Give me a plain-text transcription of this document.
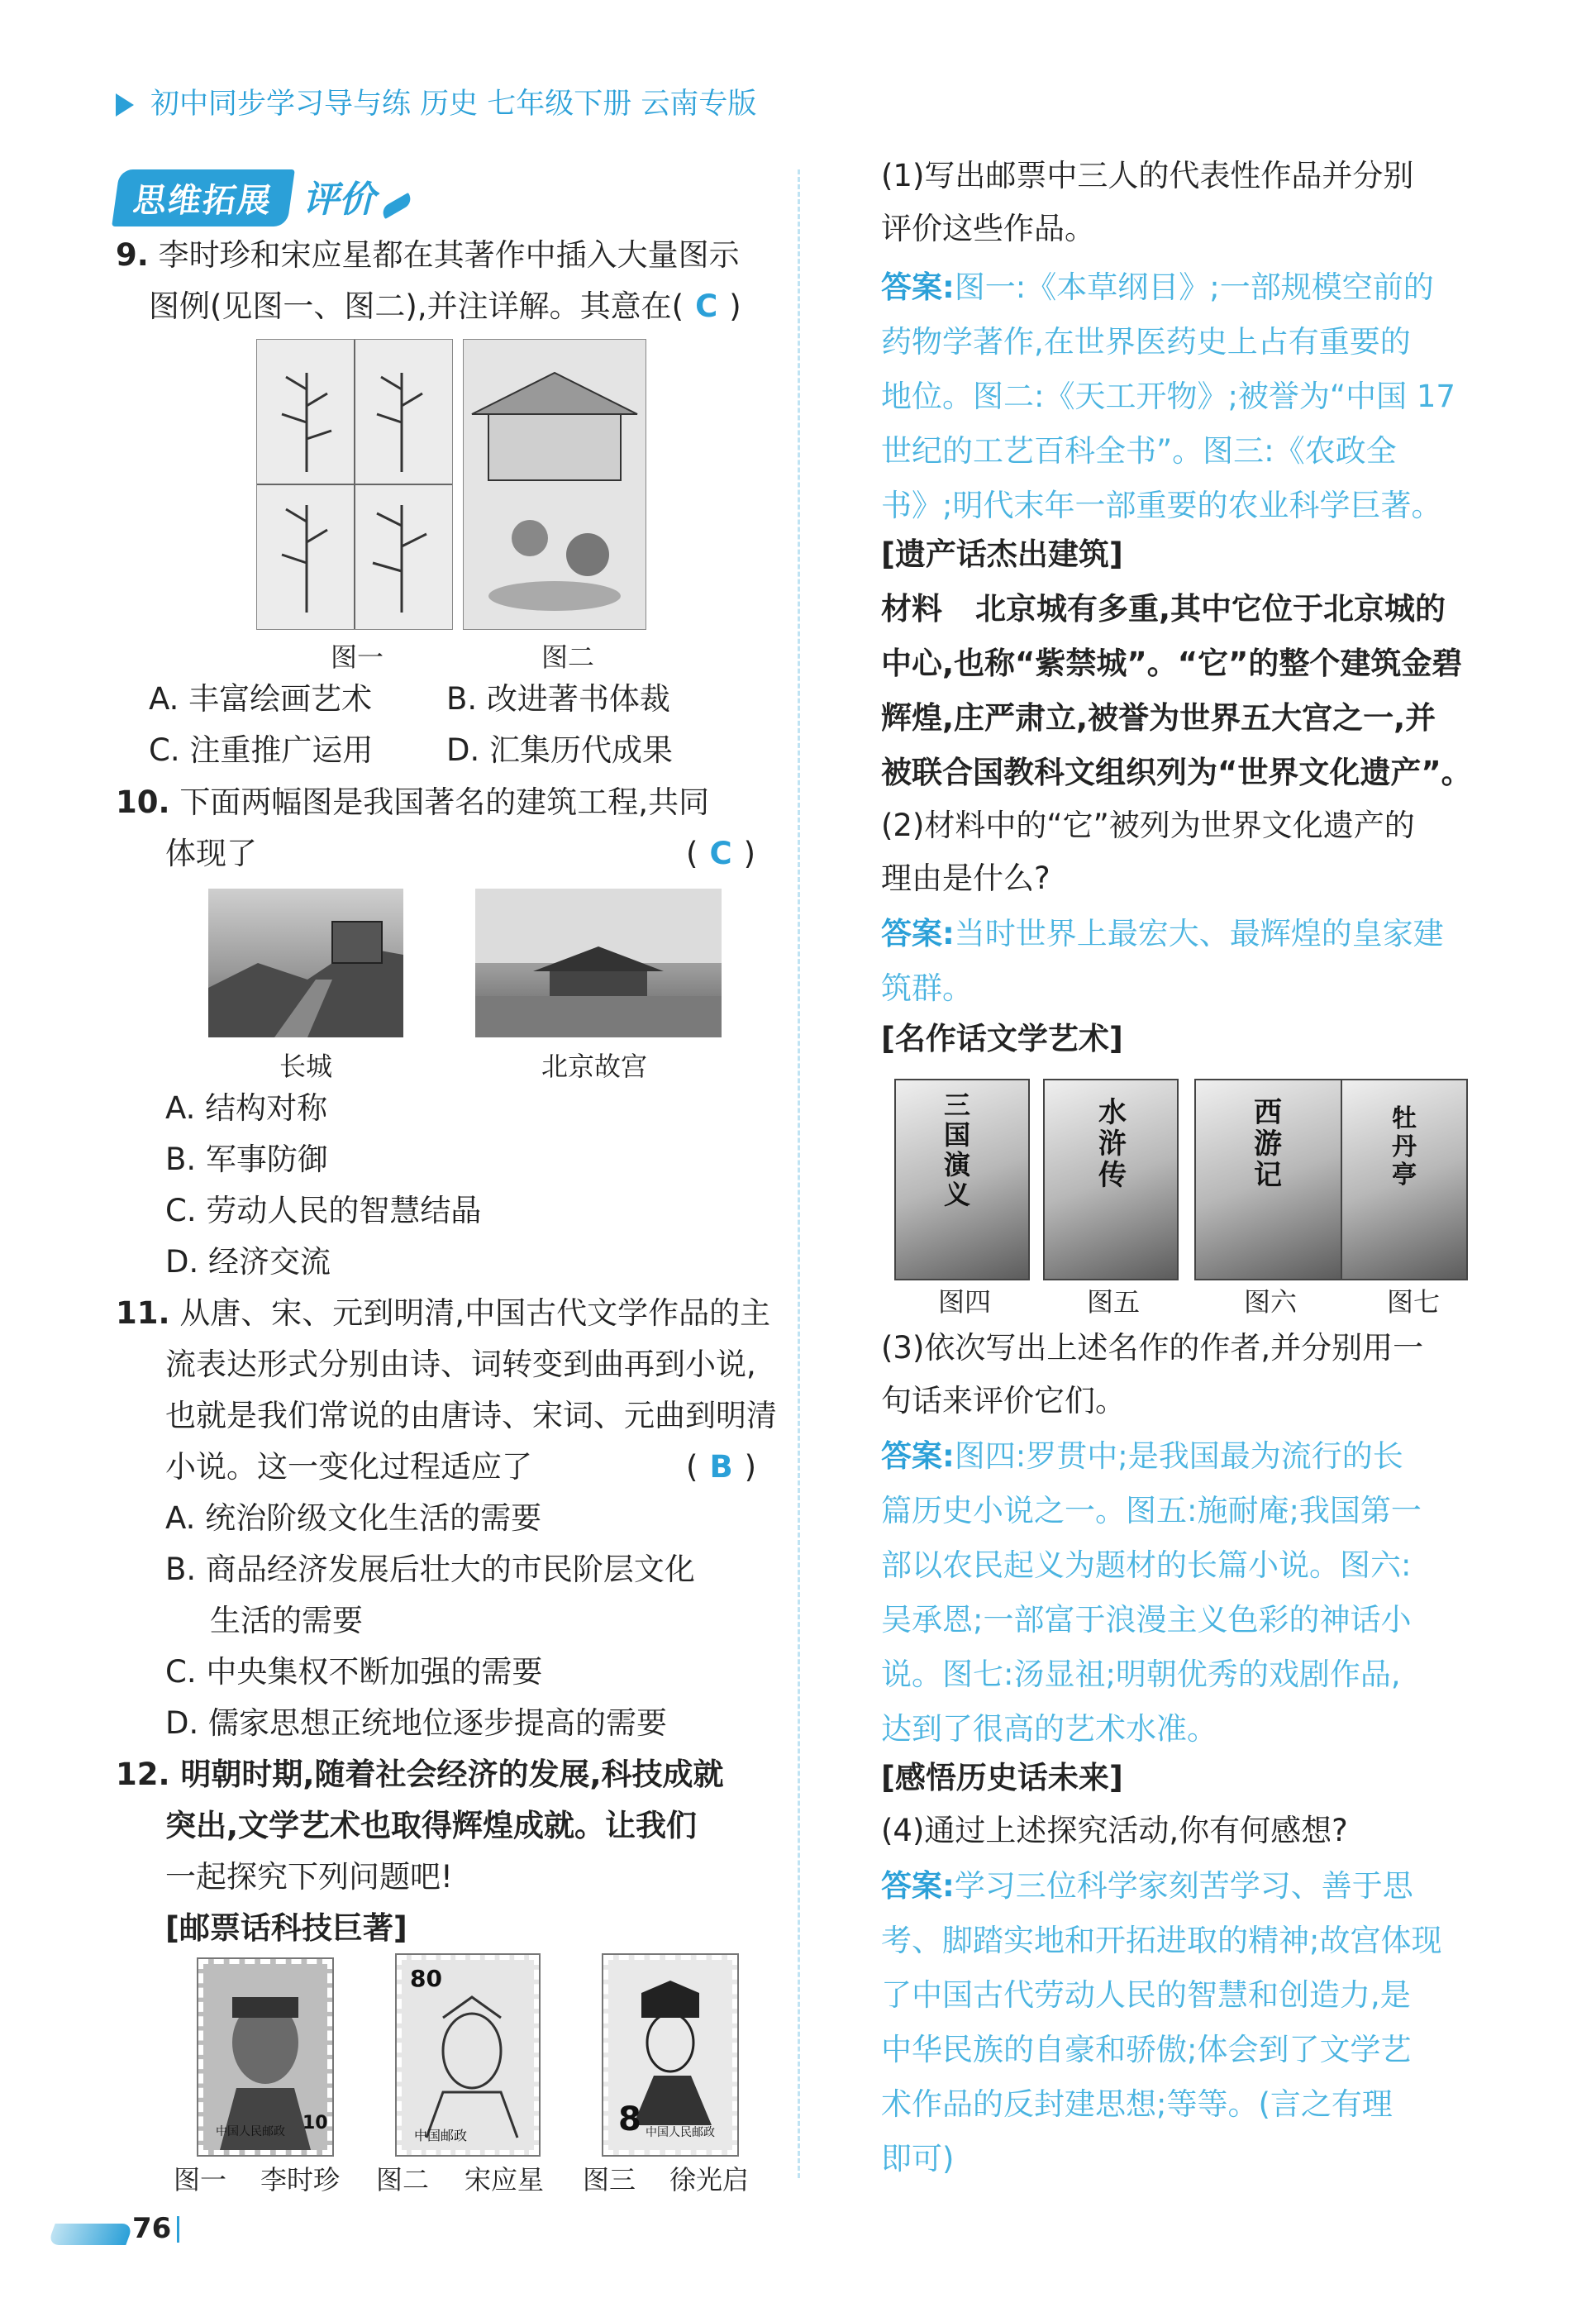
初中同步学习导与练 历史 七年级下册 云南专版
思维拓展 评价
9. 李时珍和宋应星都在其著作中插入大量图示
图例(见图一、图二),并注详解。其意在( C )
图一	图二
A. 丰富绘画艺术 B. 改进著书体裁
C. 注重推广运用 D. 汇集历代成果
10. 下面两幅图是我国著名的建筑工程,共同
体现了	( C )
长城	北京故宫
A. 结构对称
B. 军事防御
C. 劳动人民的智慧结晶
D. 经济交流
11. 从唐、宋、元到明清,中国古代文学作品的主
流表达形式分别由诗、词转变到曲再到小说,
也就是我们常说的由唐诗、宋词、元曲到明清
小说。这一变化过程适应了	( B )
A. 统治阶级文化生活的需要
B. 商品经济发展后壮大的市民阶层文化
生活的需要
C. 中央集权不断加强的需要
D. 儒家思想正统地位逐步提高的需要
12. 明朝时期,随着社会经济的发展,科技成就
突出,文学艺术也取得辉煌成就。让我们
一起探究下列问题吧!
[邮票话科技巨著]
中国人民邮政 10
80
中国邮政	8 中国人民邮政
图一 李时珍 图二 宋应星 图三 徐光启
(1)写出邮票中三人的代表性作品并分别
评价这些作品。
答案:图一:《本草纲目》;一部规模空前的
药物学著作,在世界医药史上占有重要的
地位。图二:《天工开物》;被誉为“中国 17
世纪的工艺百科全书”。图三:《农政全
书》;明代末年一部重要的农业科学巨著。
[遗产话杰出建筑]
材料 北京城有多重,其中它位于北京城的
中心,也称“紫禁城”。“它”的整个建筑金碧
辉煌,庄严肃立,被誉为世界五大宫之一,并
被联合国教科文组织列为“世界文化遗产”。
(2)材料中的“它”被列为世界文化遗产的
理由是什么?
答案:当时世界上最宏大、最辉煌的皇家建
筑群。
[名作话文学艺术]
三国演义
水浒传
西游记
牡丹亭
图四	图五	图六	图七
(3)依次写出上述名作的作者,并分别用一
句话来评价它们。
答案:图四:罗贯中;是我国最为流行的长
篇历史小说之一。图五:施耐庵;我国第一
部以农民起义为题材的长篇小说。图六:
吴承恩;一部富于浪漫主义色彩的神话小
说。图七:汤显祖;明朝优秀的戏剧作品,
达到了很高的艺术水准。
[感悟历史话未来]
(4)通过上述探究活动,你有何感想?
答案:学习三位科学家刻苦学习、善于思
考、脚踏实地和开拓进取的精神;故宫体现
了中国古代劳动人民的智慧和创造力,是
中华民族的自豪和骄傲;体会到了文学艺
术作品的反封建思想;等等。(言之有理
即可)
76
